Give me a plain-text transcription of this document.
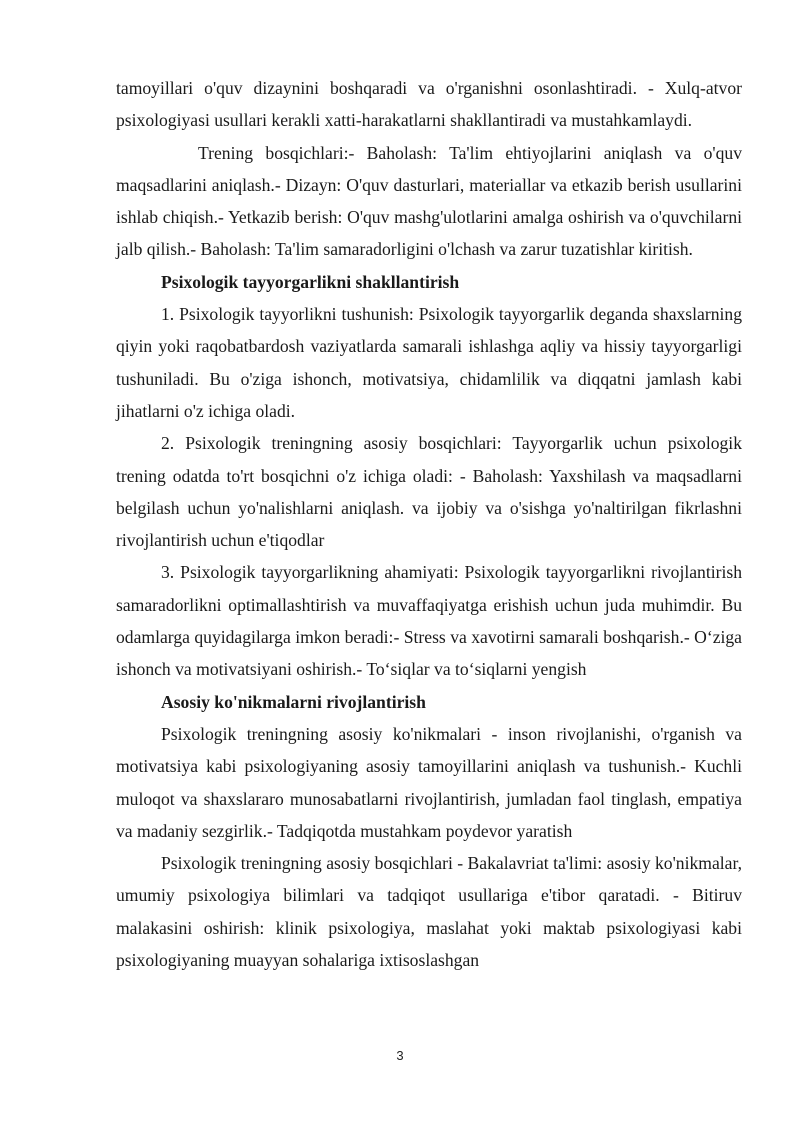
tamoyillari o'quv dizaynini boshqaradi va o'rganishni osonlashtiradi. - Xulq-atvor psixologiyasi usullari kerakli xatti-harakatlarni shakllantiradi va mustahkamlaydi.

Trening bosqichlari:- Baholash: Ta'lim ehtiyojlarini aniqlash va o'quv maqsadlarini aniqlash.- Dizayn: O'quv dasturlari, materiallar va etkazib berish usullarini ishlab chiqish.- Yetkazib berish: O'quv mashg'ulotlarini amalga oshirish va o'quvchilarni jalb qilish.- Baholash: Ta'lim samaradorligini o'lchash va zarur tuzatishlar kiritish.

Psixologik tayyorgarlikni shakllantirish

1. Psixologik tayyorlikni tushunish: Psixologik tayyorgarlik deganda shaxslarning qiyin yoki raqobatbardosh vaziyatlarda samarali ishlashga aqliy va hissiy tayyorgarligi tushuniladi. Bu o'ziga ishonch, motivatsiya, chidamlilik va diqqatni jamlash kabi jihatlarni o'z ichiga oladi.

2. Psixologik treningning asosiy bosqichlari: Tayyorgarlik uchun psixologik trening odatda to'rt bosqichni o'z ichiga oladi: - Baholash: Yaxshilash va maqsadlarni belgilash uchun yo'nalishlarni aniqlash. va ijobiy va o'sishga yo'naltirilgan fikrlashni rivojlantirish uchun e'tiqodlar

3. Psixologik tayyorgarlikning ahamiyati: Psixologik tayyorgarlikni rivojlantirish samaradorlikni optimallashtirish va muvaffaqiyatga erishish uchun juda muhimdir. Bu odamlarga quyidagilarga imkon beradi:- Stress va xavotirni samarali boshqarish.- O‘ziga ishonch va motivatsiyani oshirish.- To‘siqlar va to‘siqlarni yengish

Asosiy ko'nikmalarni rivojlantirish

Psixologik treningning asosiy ko'nikmalari - inson rivojlanishi, o'rganish va motivatsiya kabi psixologiyaning asosiy tamoyillarini aniqlash va tushunish.- Kuchli muloqot va shaxslararo munosabatlarni rivojlantirish, jumladan faol tinglash, empatiya va madaniy sezgirlik.- Tadqiqotda mustahkam poydevor yaratish

Psixologik treningning asosiy bosqichlari - Bakalavriat ta'limi: asosiy ko'nikmalar, umumiy psixologiya bilimlari va tadqiqot usullariga e'tibor qaratadi. - Bitiruv malakasini oshirish: klinik psixologiya, maslahat yoki maktab psixologiyasi kabi psixologiyaning muayyan sohalariga ixtisoslashgan

3
